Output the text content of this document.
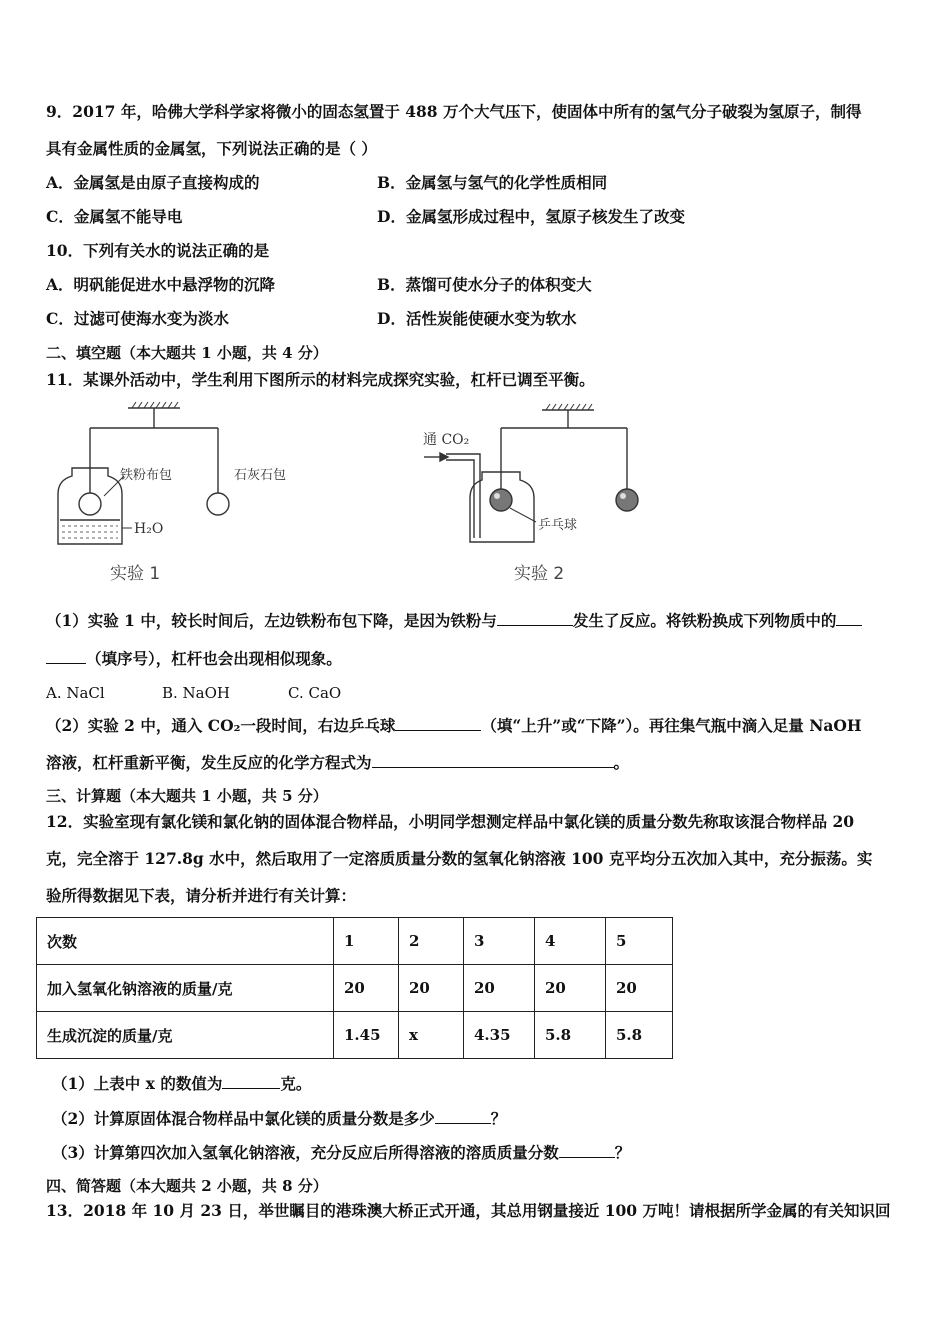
9．2017 年，哈佛大学科学家将微小的固态氢置于 488 万个大气压下，使固体中所有的氢气分子破裂为氢原子，制得
具有金属性质的金属氢，下列说法正确的是（ ）
A．金属氢是由原子直接构成的	B．金属氢与氢气的化学性质相同
C．金属氢不能导电	D．金属氢形成过程中，氢原子核发生了改变
10．下列有关水的说法正确的是
A．明矾能促进水中悬浮物的沉降	B．蒸馏可使水分子的体积变大
C．过滤可使海水变为淡水	D．活性炭能使硬水变为软水
二、填空题（本大题共 1 小题，共 4 分）
11．某课外活动中，学生利用下图所示的材料完成探究实验，杠杆已调至平衡。
铁粉布包	石灰石包
H₂O
实验 1
通 CO₂
乒乓球
实验 2
（1）实验 1 中，较长时间后，左边铁粉布包下降，是因为铁粉与	发生了反应。将铁粉换成下列物质中的
（填序号），杠杆也会出现相似现象。
A. NaCl	B. NaOH	C. CaO
（2）实验 2 中，通入 CO₂一段时间，右边乒乓球	（填“上升”或“下降”）。再往集气瓶中滴入足量 NaOH
溶液，杠杆重新平衡，发生反应的化学方程式为	。
三、计算题（本大题共 1 小题，共 5 分）
12．实验室现有氯化镁和氯化钠的固体混合物样品，小明同学想测定样品中氯化镁的质量分数先称取该混合物样品 20
克，完全溶于 127.8g 水中，然后取用了一定溶质质量分数的氢氧化钠溶液 100 克平均分五次加入其中，充分振荡。实
验所得数据见下表，请分析并进行有关计算：
次数	1	2	3	4	5
加入氢氧化钠溶液的质量/克	20	20	20	20	20
生成沉淀的质量/克	1.45	x	4.35	5.8	5.8
（1）上表中 x 的数值为	克。
（2）计算原固体混合物样品中氯化镁的质量分数是多少	？
（3）计算第四次加入氢氧化钠溶液，充分反应后所得溶液的溶质质量分数	？
四、简答题（本大题共 2 小题，共 8 分）
13．2018 年 10 月 23 日，举世瞩目的港珠澳大桥正式开通，其总用钢量接近 100 万吨！请根据所学金属的有关知识回
